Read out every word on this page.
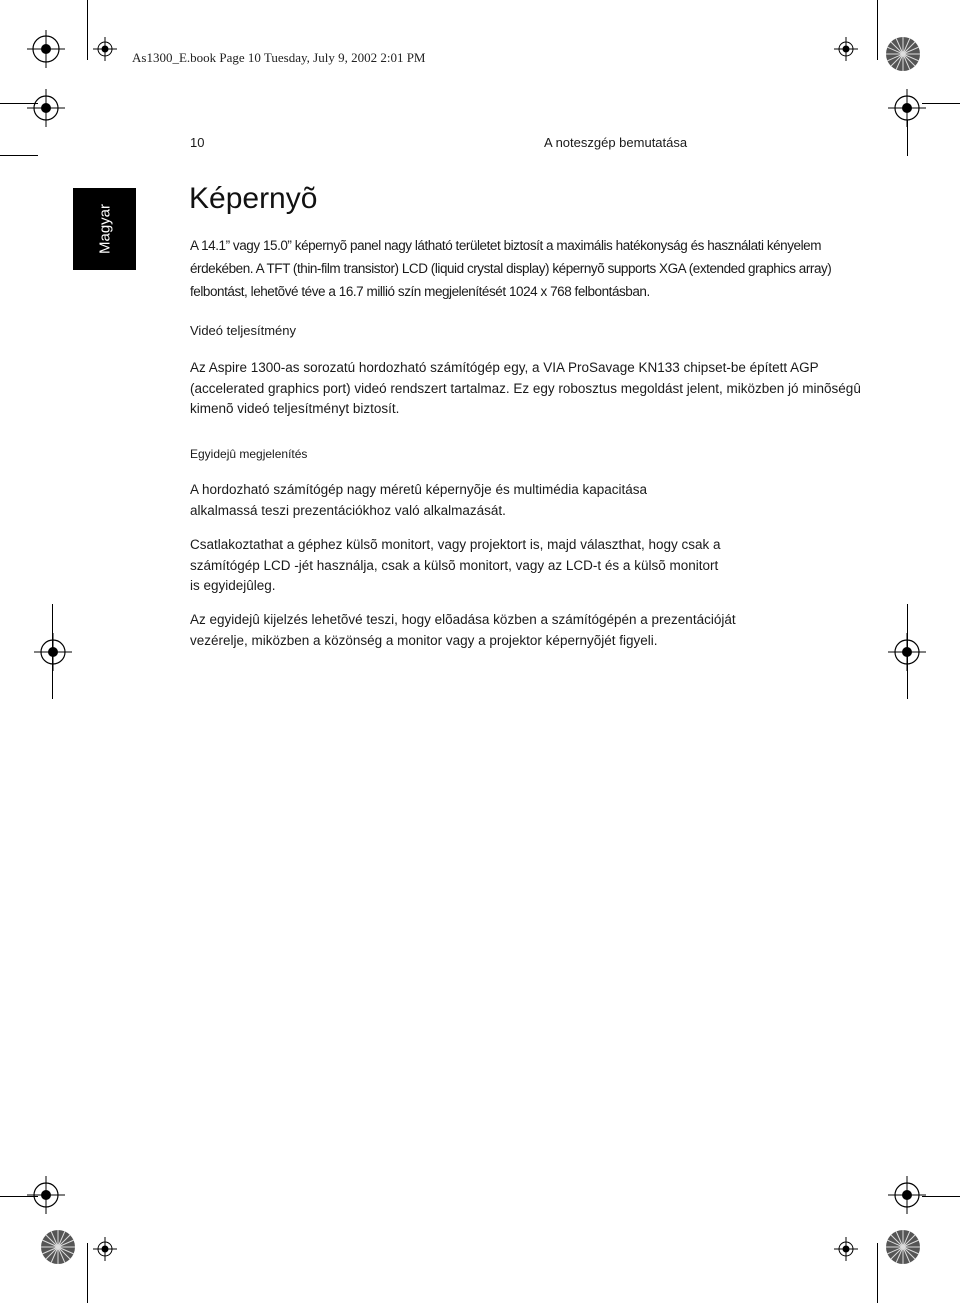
As1300_E.book Page 10 Tuesday, July 9, 2002 2:01 PM
10	A noteszgép bemutatása
Magyar
Képernyõ

A 14.1” vagy 15.0” képernyõ panel nagy látható területet biztosít a maximális hatékonyság és használati kényelem érdekében. A TFT (thin-film transistor) LCD (liquid crystal display) képernyõ supports XGA (extended graphics array) felbontást, lehetõvé téve a 16.7 millió szín megjelenítését 1024 x 768 felbontásban.

Videó teljesítmény

Az Aspire 1300-as sorozatú hordozható számítógép egy, a VIA ProSavage KN133 chipset-be épített AGP (accelerated graphics port) videó rendszert tartalmaz. Ez egy robosztus megoldást jelent, miközben jó minõségû kimenõ videó teljesítményt biztosít.

Egyidejû megjelenítés

A hordozható számítógép nagy méretû képernyõje és multimédia kapacitása alkalmassá teszi prezentációkhoz való alkalmazását.

Csatlakoztathat a géphez külsõ monitort, vagy projektort is, majd választhat, hogy csak a számítógép LCD -jét használja, csak a külsõ monitort, vagy az LCD-t és a külsõ monitort is egyidejûleg.

Az egyidejû kijelzés lehetõvé teszi, hogy elõadása közben a számítógépén a prezentációját vezérelje, miközben a közönség a monitor vagy a projektor képernyõjét figyeli.
